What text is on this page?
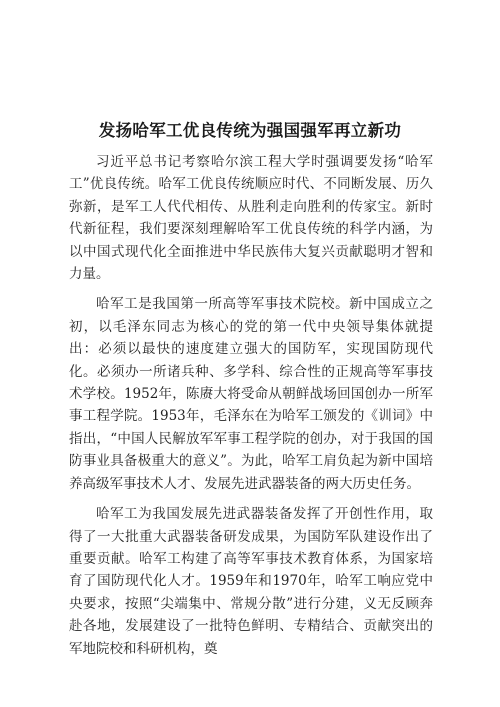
发扬哈军工优良传统为强国强军再立新功

习近平总书记考察哈尔滨工程大学时强调要发扬“哈军工”优良传统。哈军工优良传统顺应时代、不同断发展、历久弥新，是军工人代代相传、从胜利走向胜利的传家宝。新时代新征程，我们要深刻理解哈军工优良传统的科学内涵，为以中国式现代化全面推进中华民族伟大复兴贡献聪明才智和力量。

哈军工是我国第一所高等军事技术院校。新中国成立之初，以毛泽东同志为核心的党的第一代中央领导集体就提出：必须以最快的速度建立强大的国防军，实现国防现代化。必须办一所诸兵种、多学科、综合性的正规高等军事技术学校。1952年，陈赓大将受命从朝鲜战场回国创办一所军事工程学院。1953年，毛泽东在为哈军工颁发的《训词》中指出，“中国人民解放军军事工程学院的创办，对于我国的国防事业具备极重大的意义”。为此，哈军工肩负起为新中国培养高级军事技术人才、发展先进武器装备的两大历史任务。

哈军工为我国发展先进武器装备发挥了开创性作用，取得了一大批重大武器装备研发成果，为国防军队建设作出了重要贡献。哈军工构建了高等军事技术教育体系，为国家培育了国防现代化人才。1959年和1970年，哈军工响应党中央要求，按照“尖端集中、常规分散”进行分建，义无反顾奔赴各地，发展建设了一批特色鲜明、专精结合、贡献突出的军地院校和科研机构，奠
